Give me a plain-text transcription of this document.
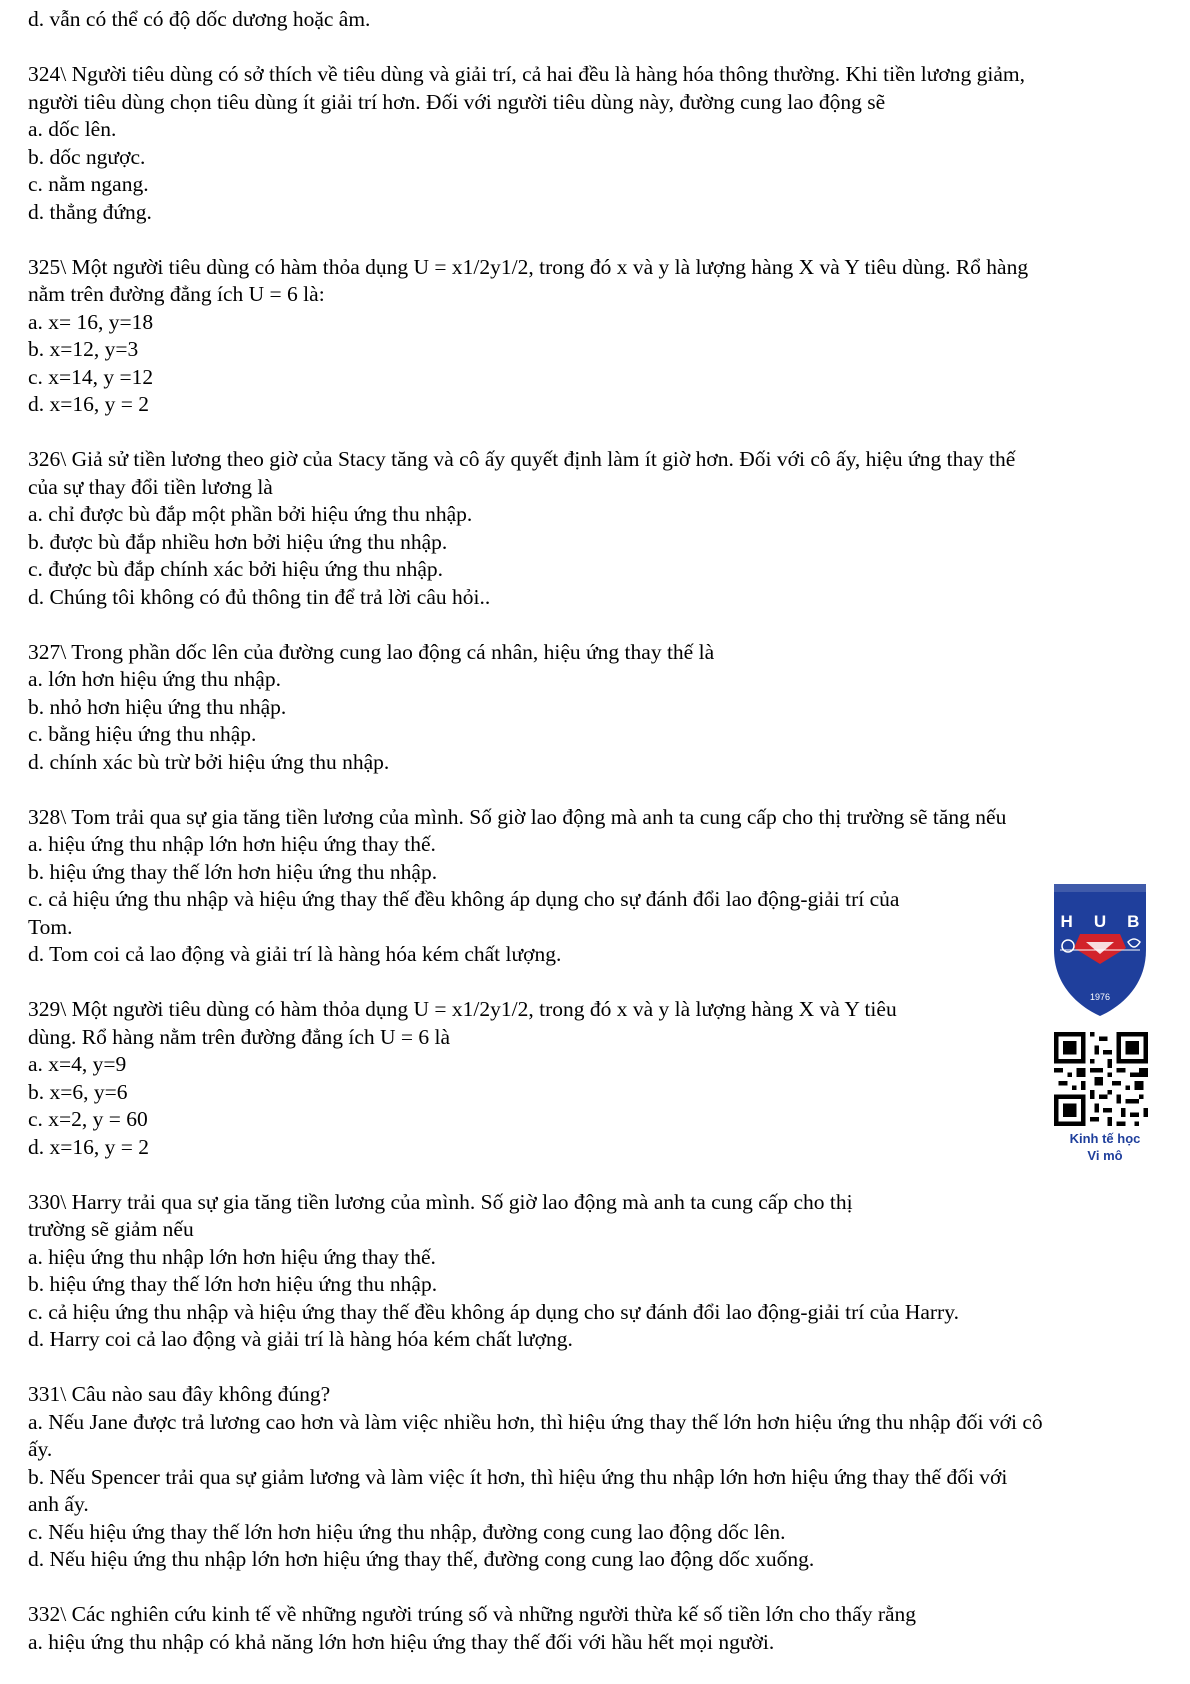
d. vẫn có thể có độ dốc dương hoặc âm.
324\ Người tiêu dùng có sở thích về tiêu dùng và giải trí, cả hai đều là hàng hóa thông thường. Khi tiền lương giảm,
người tiêu dùng chọn tiêu dùng ít giải trí hơn. Đối với người tiêu dùng này, đường cung lao động sẽ
a. dốc lên.
b. dốc ngược.
c. nằm ngang.
d. thẳng đứng.
325\ Một người tiêu dùng có hàm thỏa dụng U = x1/2y1/2, trong đó x và y là lượng hàng X và Y tiêu dùng. Rổ hàng
nằm trên đường đẳng ích U = 6 là:
a. x= 16, y=18
b. x=12, y=3
c. x=14, y =12
d. x=16, y = 2
326\ Giả sử tiền lương theo giờ của Stacy tăng và cô ấy quyết định làm ít giờ hơn. Đối với cô ấy, hiệu ứng thay thế
của sự thay đổi tiền lương là
a. chỉ được bù đắp một phần bởi hiệu ứng thu nhập.
b. được bù đắp nhiều hơn bởi hiệu ứng thu nhập.
c. được bù đắp chính xác bởi hiệu ứng thu nhập.
d. Chúng tôi không có đủ thông tin để trả lời câu hỏi..
327\ Trong phần dốc lên của đường cung lao động cá nhân, hiệu ứng thay thế là
a. lớn hơn hiệu ứng thu nhập.
b. nhỏ hơn hiệu ứng thu nhập.
c. bằng hiệu ứng thu nhập.
d. chính xác bù trừ bởi hiệu ứng thu nhập.
328\ Tom trải qua sự gia tăng tiền lương của mình. Số giờ lao động mà anh ta cung cấp cho thị trường sẽ tăng nếu
a. hiệu ứng thu nhập lớn hơn hiệu ứng thay thế.
b. hiệu ứng thay thế lớn hơn hiệu ứng thu nhập.
c. cả hiệu ứng thu nhập và hiệu ứng thay thế đều không áp dụng cho sự đánh đổi lao động-giải trí của
Tom.
d. Tom coi cả lao động và giải trí là hàng hóa kém chất lượng.
329\ Một người tiêu dùng có hàm thỏa dụng U = x1/2y1/2, trong đó x và y là lượng hàng X và Y tiêu
dùng. Rổ hàng nằm trên đường đẳng ích U = 6 là
a. x=4, y=9
b. x=6, y=6
c. x=2, y = 60
d. x=16, y = 2
330\ Harry trải qua sự gia tăng tiền lương của mình. Số giờ lao động mà anh ta cung cấp cho thị
trường sẽ giảm nếu
a. hiệu ứng thu nhập lớn hơn hiệu ứng thay thế.
b. hiệu ứng thay thế lớn hơn hiệu ứng thu nhập.
c. cả hiệu ứng thu nhập và hiệu ứng thay thế đều không áp dụng cho sự đánh đổi lao động-giải trí của Harry.
d. Harry coi cả lao động và giải trí là hàng hóa kém chất lượng.
331\ Câu nào sau đây không đúng?
a. Nếu Jane được trả lương cao hơn và làm việc nhiều hơn, thì hiệu ứng thay thế lớn hơn hiệu ứng thu nhập đối với cô
ấy.
b. Nếu Spencer trải qua sự giảm lương và làm việc ít hơn, thì hiệu ứng thu nhập lớn hơn hiệu ứng thay thế đối với
anh ấy.
c. Nếu hiệu ứng thay thế lớn hơn hiệu ứng thu nhập, đường cong cung lao động dốc lên.
d. Nếu hiệu ứng thu nhập lớn hơn hiệu ứng thay thế, đường cong cung lao động dốc xuống.
332\ Các nghiên cứu kinh tế về những người trúng số và những người thừa kế số tiền lớn cho thấy rằng
a. hiệu ứng thu nhập có khả năng lớn hơn hiệu ứng thay thế đối với hầu hết mọi người.
H U B
1976
Kinh tế học
Vi mô
